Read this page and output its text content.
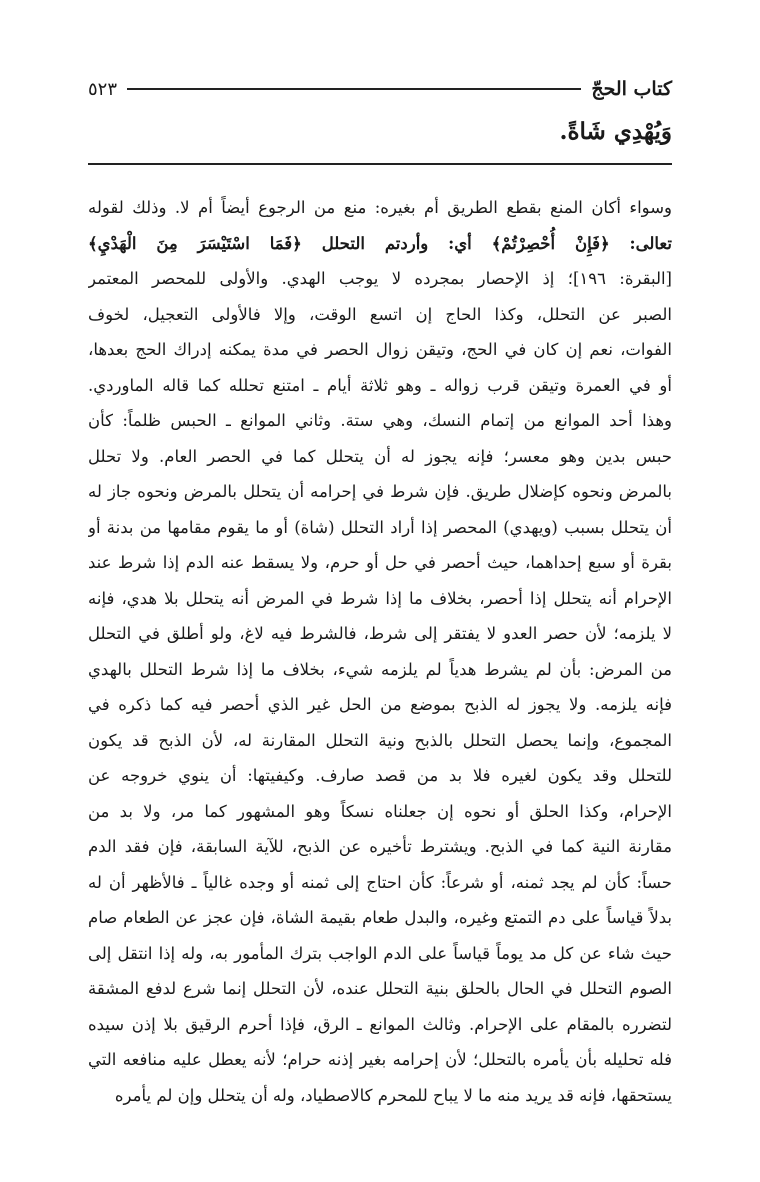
كتاب الحجّ
٥٢٣
وَيُهْدِي شَاةً.
وسواء أكان المنع بقطع الطريق أم بغيره: منع من الرجوع أيضاً أم لا. وذلك لقوله
تعالى: ﴿فَإِنْ أُحْصِرْتُمْ﴾ أي: وأردتم التحلل ﴿فَمَا اسْتَيْسَرَ مِنَ الْهَدْيِ﴾
[البقرة: ١٩٦]؛ إذ الإحصار بمجرده لا يوجب الهدي. والأولى للمحصر المعتمر
الصبر عن التحلل، وكذا الحاج إن اتسع الوقت، وإلا فالأولى التعجيل، لخوف
الفوات، نعم إن كان في الحج، وتيقن زوال الحصر في مدة يمكنه إدراك الحج بعدها،
أو في العمرة وتيقن قرب زواله ـ وهو ثلاثة أيام ـ امتنع تحلله كما قاله الماوردي.
وهذا أحد الموانع من إتمام النسك، وهي ستة. وثاني الموانع ـ الحبس ظلماً: كأن
حبس بدين وهو معسر؛ فإنه يجوز له أن يتحلل كما في الحصر العام. ولا تحلل
بالمرض ونحوه كإضلال طريق. فإن شرط في إحرامه أن يتحلل بالمرض ونحوه جاز له
أن يتحلل بسبب (ويهدي) المحصر إذا أراد التحلل (شاة) أو ما يقوم مقامها من بدنة أو
بقرة أو سبع إحداهما، حيث أحصر في حل أو حرم، ولا يسقط عنه الدم إذا شرط عند
الإحرام أنه يتحلل إذا أحصر، بخلاف ما إذا شرط في المرض أنه يتحلل بلا هدي، فإنه
لا يلزمه؛ لأن حصر العدو لا يفتقر إلى شرط، فالشرط فيه لاغ، ولو أطلق في التحلل
من المرض: بأن لم يشرط هدياً لم يلزمه شيء، بخلاف ما إذا شرط التحلل بالهدي
فإنه يلزمه. ولا يجوز له الذبح بموضع من الحل غير الذي أحصر فيه كما ذكره في
المجموع، وإنما يحصل التحلل بالذبح ونية التحلل المقارنة له، لأن الذبح قد يكون
للتحلل وقد يكون لغيره فلا بد من قصد صارف. وكيفيتها: أن ينوي خروجه عن
الإحرام، وكذا الحلق أو نحوه إن جعلناه نسكاً وهو المشهور كما مر، ولا بد من
مقارنة النية كما في الذبح. ويشترط تأخيره عن الذبح، للآية السابقة، فإن فقد الدم
حساً: كأن لم يجد ثمنه، أو شرعاً: كأن احتاج إلى ثمنه أو وجده غالياً ـ فالأظهر أن له
بدلاً قياساً على دم التمتع وغيره، والبدل طعام بقيمة الشاة، فإن عجز عن الطعام صام
حيث شاء عن كل مد يوماً قياساً على الدم الواجب بترك المأمور به، وله إذا انتقل إلى
الصوم التحلل في الحال بالحلق بنية التحلل عنده، لأن التحلل إنما شرع لدفع المشقة
لتضرره بالمقام على الإحرام. وثالث الموانع ـ الرق، فإذا أحرم الرقيق بلا إذن سيده
فله تحليله بأن يأمره بالتحلل؛ لأن إحرامه بغير إذنه حرام؛ لأنه يعطل عليه منافعه التي
يستحقها، فإنه قد يريد منه ما لا يباح للمحرم كالاصطياد، وله أن يتحلل وإن لم يأمره
